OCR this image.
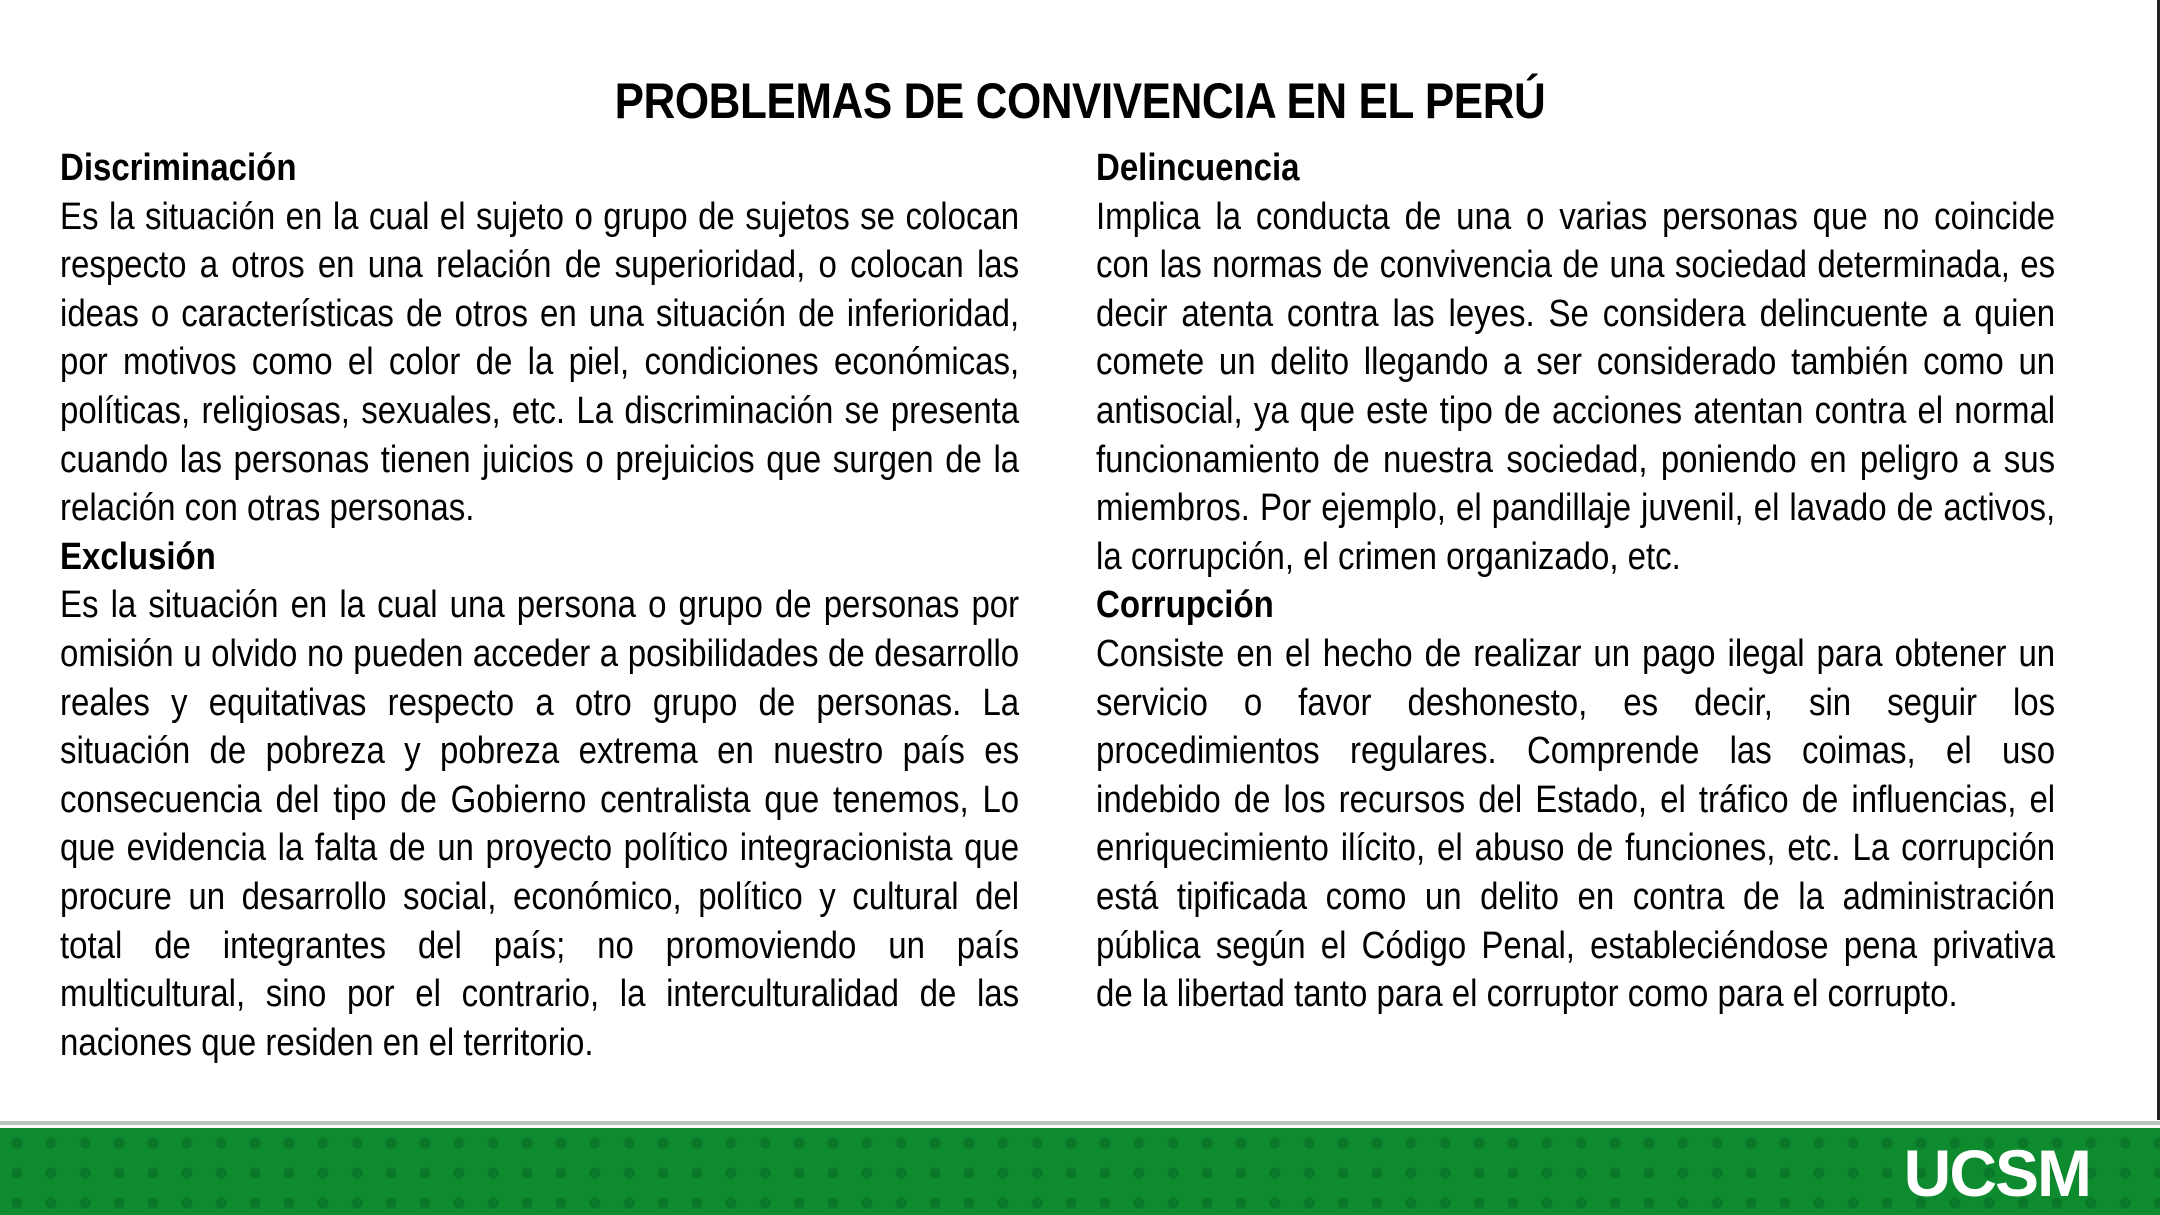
PROBLEMAS DE CONVIVENCIA EN EL PERÚ
Discriminación

Es la situación en la cual el sujeto o grupo de sujetos se colocan respecto a otros en una relación de superioridad, o colocan las ideas o características de otros en una situación de inferioridad, por motivos como el color de la piel, condiciones económicas, políticas, religiosas, sexuales, etc. La discriminación se presenta cuando las personas tienen juicios o prejuicios que surgen de la relación con otras personas.

Exclusión

Es la situación en la cual una persona o grupo de personas por omisión u olvido no pueden acceder a posibilidades de desarrollo reales y equitativas respecto a otro grupo de personas. La situación de pobreza y pobreza extrema en nuestro país es consecuencia del tipo de Gobierno centralista que tenemos, Lo que evidencia la falta de un proyecto político integracionista que procure un desarrollo social, económico, político y cultural del total de integrantes del país; no promoviendo un país multicultural, sino por el contrario, la interculturalidad de las naciones que residen en el territorio.

Delincuencia

Implica la conducta de una o varias personas que no coincide con las normas de convivencia de una sociedad determinada, es decir atenta contra las leyes. Se considera delincuente a quien comete un delito llegando a ser considerado también como un antisocial, ya que este tipo de acciones atentan contra el normal funcionamiento de nuestra sociedad, poniendo en peligro a sus miembros. Por ejemplo, el pandillaje juvenil, el lavado de activos, la corrupción, el crimen organizado, etc.

Corrupción

Consiste en el hecho de realizar un pago ilegal para obtener un servicio o favor deshonesto, es decir, sin seguir los procedimientos regulares. Comprende las coimas, el uso indebido de los recursos del Estado, el tráfico de influencias, el enriquecimiento ilícito, el abuso de funciones, etc. La corrupción está tipificada como un delito en contra de la administración pública según el Código Penal, estableciéndose pena privativa de la libertad tanto para el corruptor como para el corrupto.

UCSM
